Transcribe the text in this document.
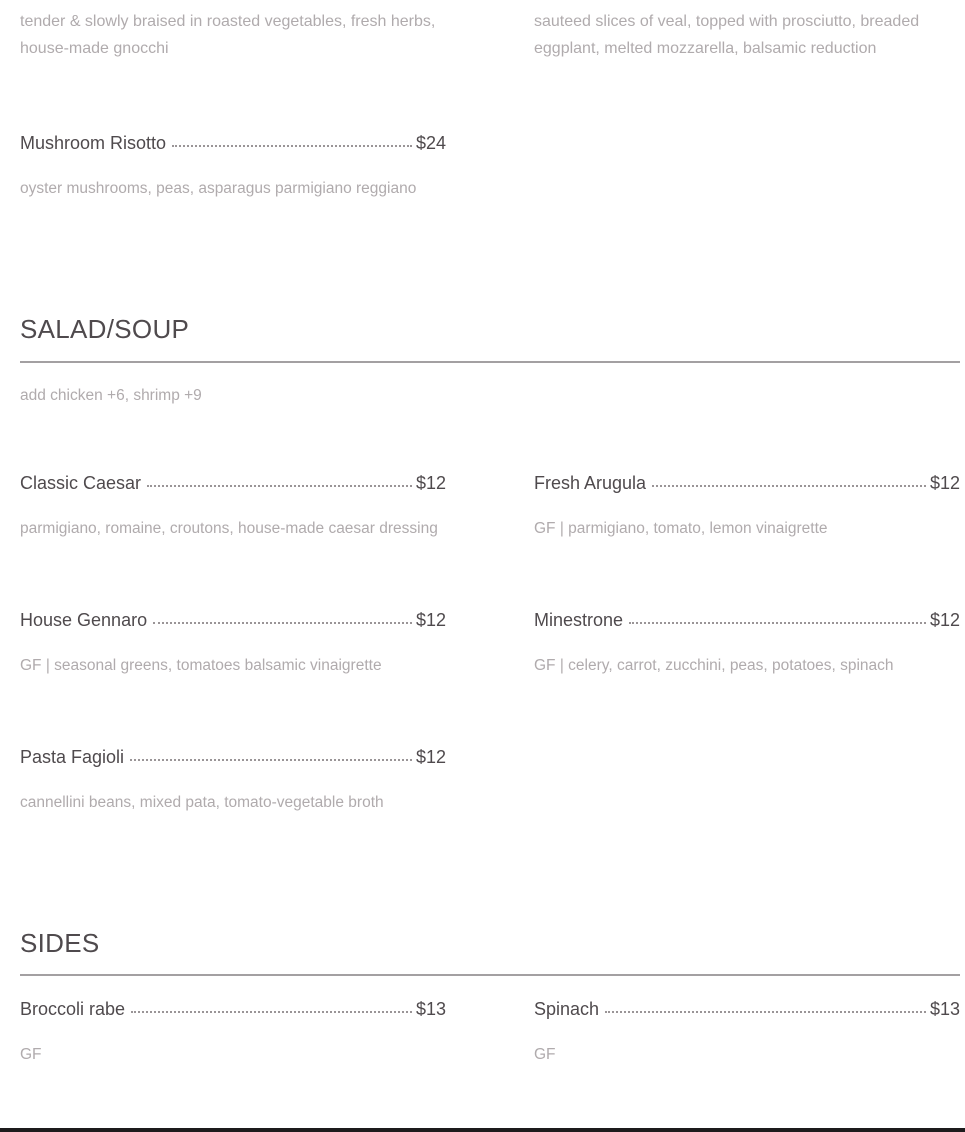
tender & slowly braised in roasted vegetables, fresh herbs, house-made gnocchi
sauteed slices of veal, topped with prosciutto, breaded eggplant, melted mozzarella, balsamic reduction
Mushroom Risotto	$24
oyster mushrooms, peas, asparagus parmigiano reggiano
SALAD/SOUP
add chicken +6, shrimp +9
Classic Caesar	$12
parmigiano, romaine, croutons, house-made caesar dressing
Fresh Arugula	$12
GF | parmigiano, tomato, lemon vinaigrette
House Gennaro	$12
GF | seasonal greens, tomatoes balsamic vinaigrette
Minestrone	$12
GF | celery, carrot, zucchini, peas, potatoes, spinach
Pasta Fagioli	$12
cannellini beans, mixed pata, tomato-vegetable broth
SIDES
Broccoli rabe	$13
GF
Spinach	$13
GF
